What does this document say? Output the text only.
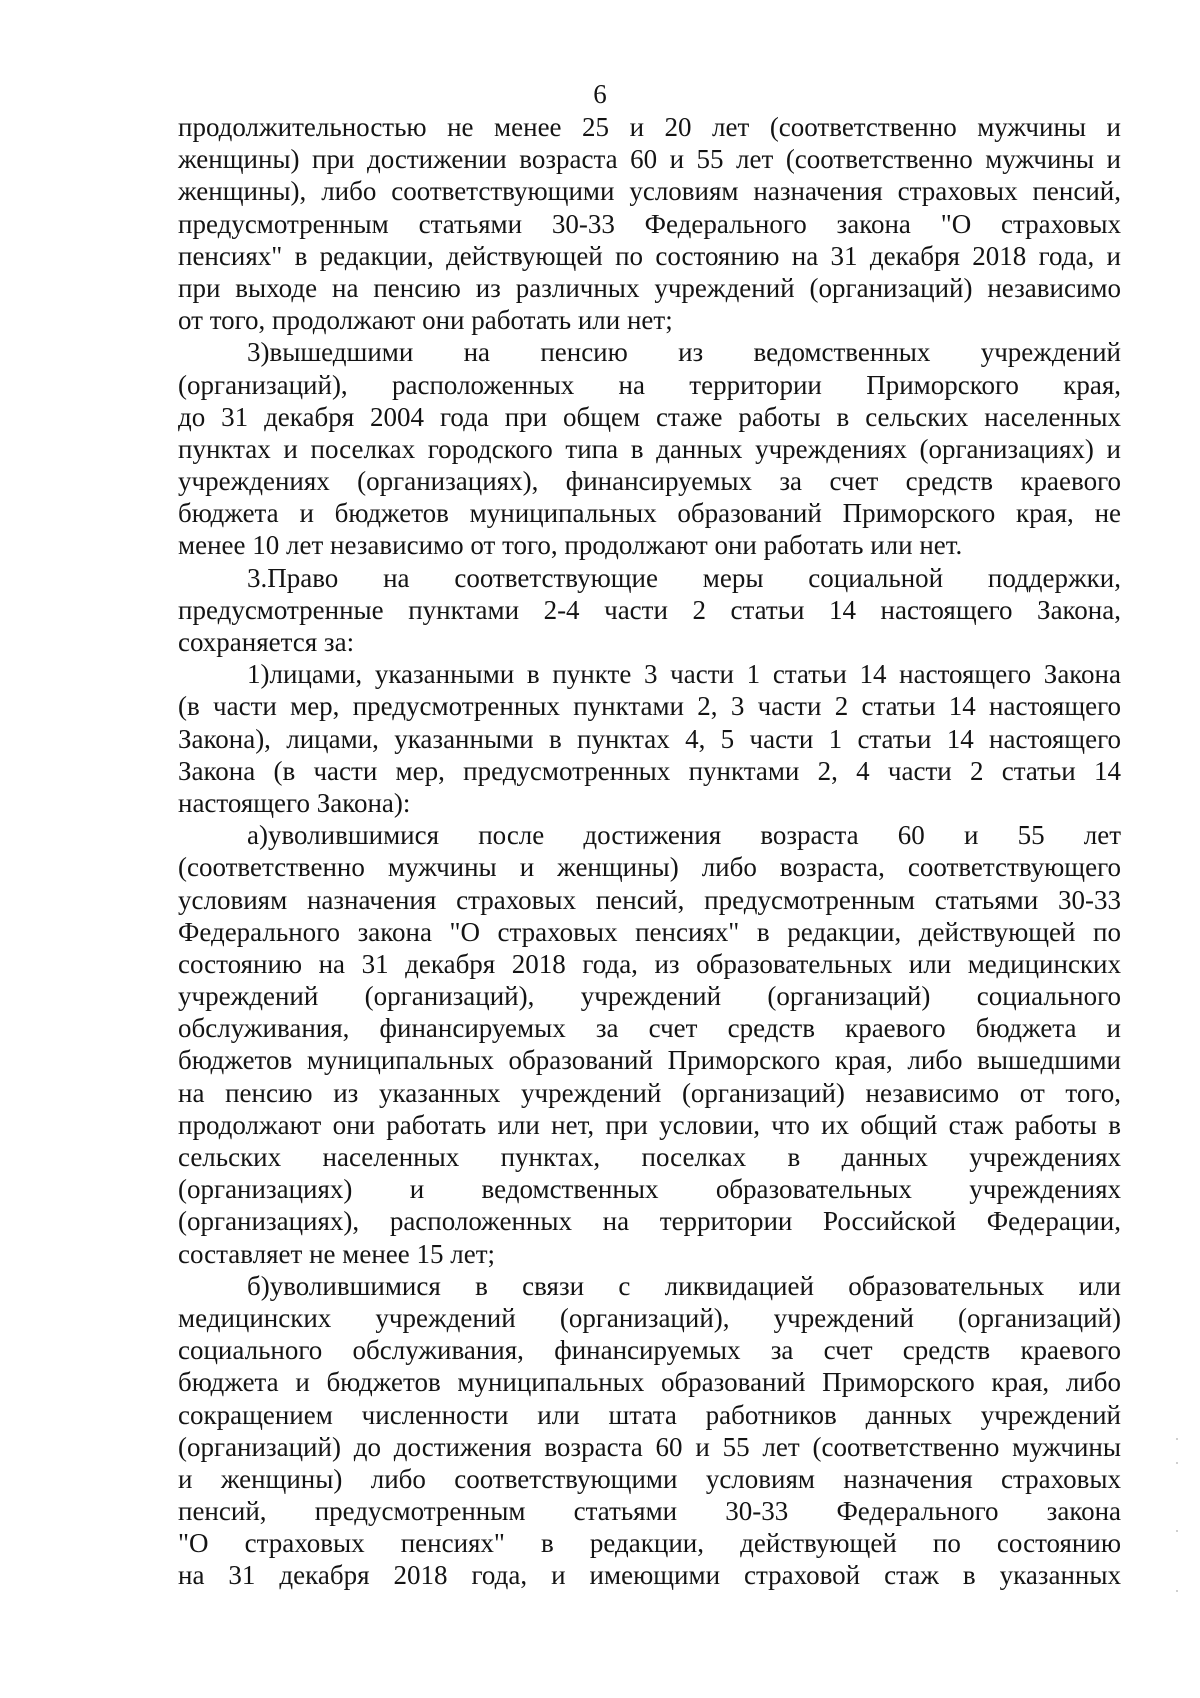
6
продолжительностью не менее 25 и 20 лет (соответственно мужчины и
женщины) при достижении возраста 60 и 55 лет (соответственно мужчины и
женщины), либо соответствующими условиям назначения страховых пенсий,
предусмотренным статьями 30-33 Федерального закона "О страховых
пенсиях" в редакции, действующей по состоянию на 31 декабря 2018 года, и
при выходе на пенсию из различных учреждений (организаций) независимо
от того, продолжают они работать или нет;
3)вышедшими на пенсию из ведомственных учреждений
(организаций), расположенных на территории Приморского края,
до 31 декабря 2004 года при общем стаже работы в сельских населенных
пунктах и поселках городского типа в данных учреждениях (организациях) и
учреждениях (организациях), финансируемых за счет средств краевого
бюджета и бюджетов муниципальных образований Приморского края, не
менее 10 лет независимо от того, продолжают они работать или нет.
3.Право на соответствующие меры социальной поддержки,
предусмотренные пунктами 2-4 части 2 статьи 14 настоящего Закона,
сохраняется за:
1)лицами, указанными в пункте 3 части 1 статьи 14 настоящего Закона
(в части мер, предусмотренных пунктами 2, 3 части 2 статьи 14 настоящего
Закона), лицами, указанными в пунктах 4, 5 части 1 статьи 14 настоящего
Закона (в части мер, предусмотренных пунктами 2, 4 части 2 статьи 14
настоящего Закона):
а)уволившимися после достижения возраста 60 и 55 лет
(соответственно мужчины и женщины) либо возраста, соответствующего
условиям назначения страховых пенсий, предусмотренным статьями 30-33
Федерального закона "О страховых пенсиях" в редакции, действующей по
состоянию на 31 декабря 2018 года, из образовательных или медицинских
учреждений (организаций), учреждений (организаций) социального
обслуживания, финансируемых за счет средств краевого бюджета и
бюджетов муниципальных образований Приморского края, либо вышедшими
на пенсию из указанных учреждений (организаций) независимо от того,
продолжают они работать или нет, при условии, что их общий стаж работы в
сельских населенных пунктах, поселках в данных учреждениях
(организациях) и ведомственных образовательных учреждениях
(организациях), расположенных на территории Российской Федерации,
составляет не менее 15 лет;
б)уволившимися в связи с ликвидацией образовательных или
медицинских учреждений (организаций), учреждений (организаций)
социального обслуживания, финансируемых за счет средств краевого
бюджета и бюджетов муниципальных образований Приморского края, либо
сокращением численности или штата работников данных учреждений
(организаций) до достижения возраста 60 и 55 лет (соответственно мужчины
и женщины) либо соответствующими условиям назначения страховых
пенсий, предусмотренным статьями 30-33 Федерального закона
"О страховых пенсиях" в редакции, действующей по состоянию
на 31 декабря 2018 года, и имеющими страховой стаж в указанных
